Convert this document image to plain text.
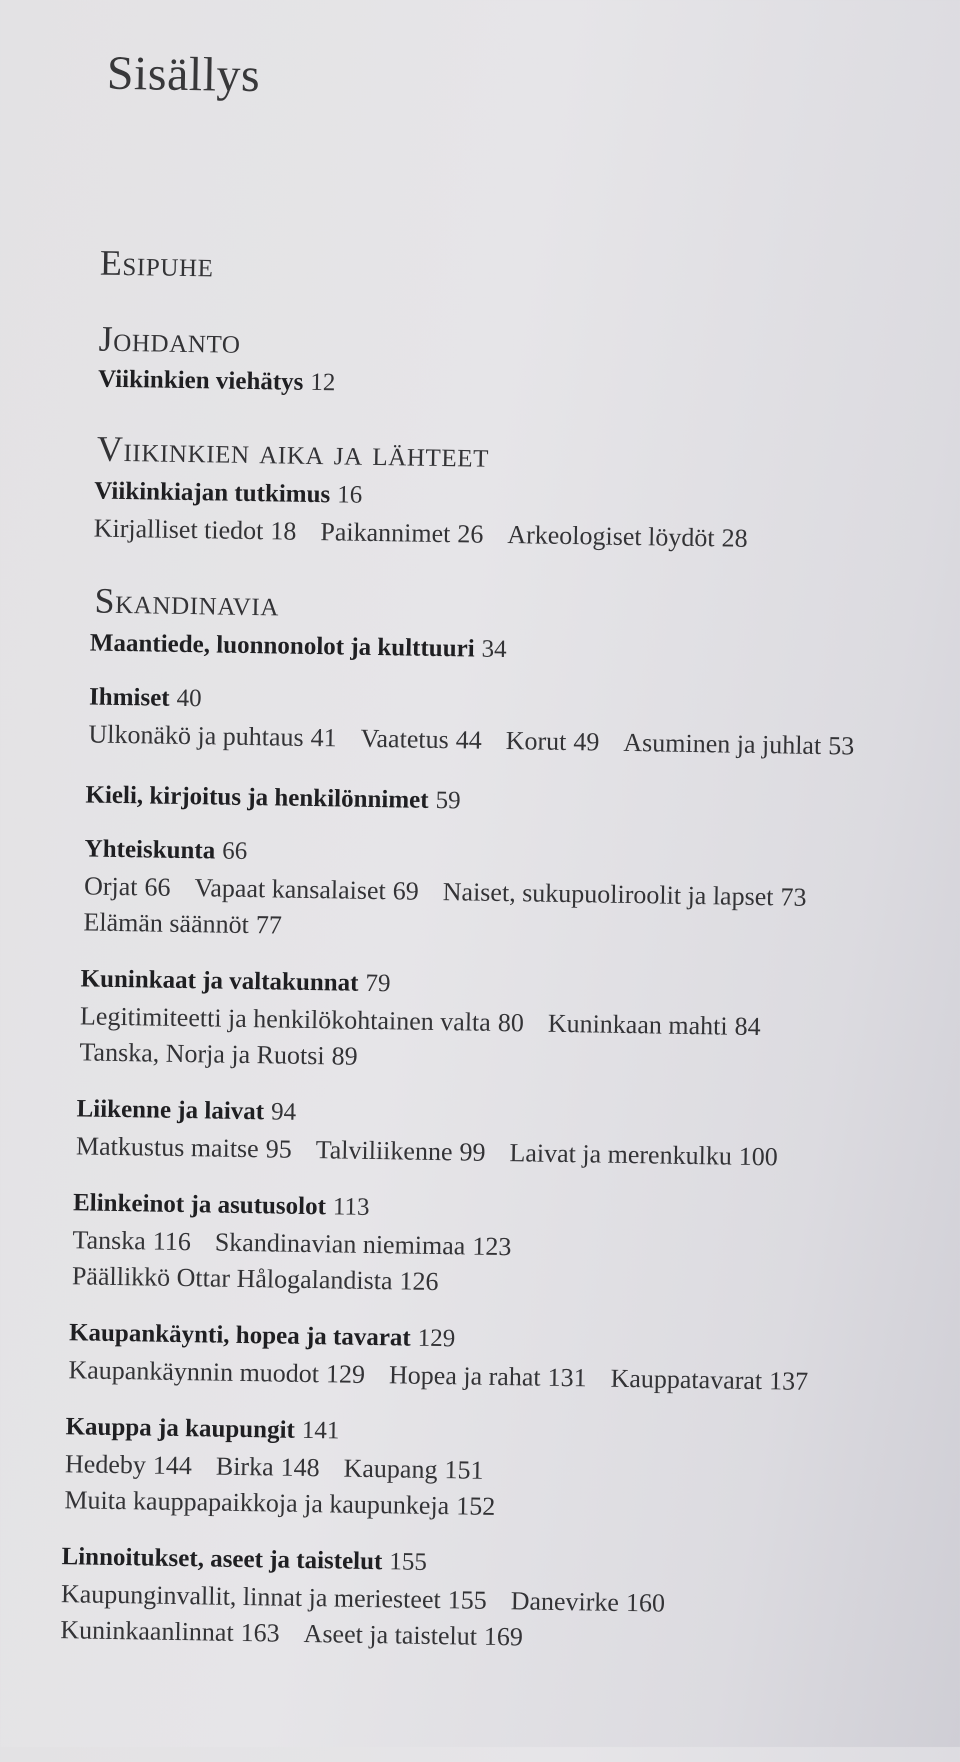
Sisällys
Esipuhe
Johdanto
Viikinkien viehätys 12
Viikinkien aika ja lähteet
Viikinkiajan tutkimus 16
Kirjalliset tiedot 18 Paikannimet 26 Arkeologiset löydöt 28
Skandinavia
Maantiede, luonnonolot ja kulttuuri 34
Ihmiset 40
Ulkonäkö ja puhtaus 41 Vaatetus 44 Korut 49 Asuminen ja juhlat 53
Kieli, kirjoitus ja henkilönnimet 59
Yhteiskunta 66
Orjat 66 Vapaat kansalaiset 69 Naiset, sukupuoliroolit ja lapset 73
Elämän säännöt 77
Kuninkaat ja valtakunnat 79
Legitimiteetti ja henkilökohtainen valta 80 Kuninkaan mahti 84
Tanska, Norja ja Ruotsi 89
Liikenne ja laivat 94
Matkustus maitse 95 Talviliikenne 99 Laivat ja merenkulku 100
Elinkeinot ja asutusolot 113
Tanska 116 Skandinavian niemimaa 123
Päällikkö Ottar Hålogalandista 126
Kaupankäynti, hopea ja tavarat 129
Kaupankäynnin muodot 129 Hopea ja rahat 131 Kauppatavarat 137
Kauppa ja kaupungit 141
Hedeby 144 Birka 148 Kaupang 151
Muita kauppapaikkoja ja kaupunkeja 152
Linnoitukset, aseet ja taistelut 155
Kaupunginvallit, linnat ja meriesteet 155 Danevirke 160
Kuninkaanlinnat 163 Aseet ja taistelut 169
